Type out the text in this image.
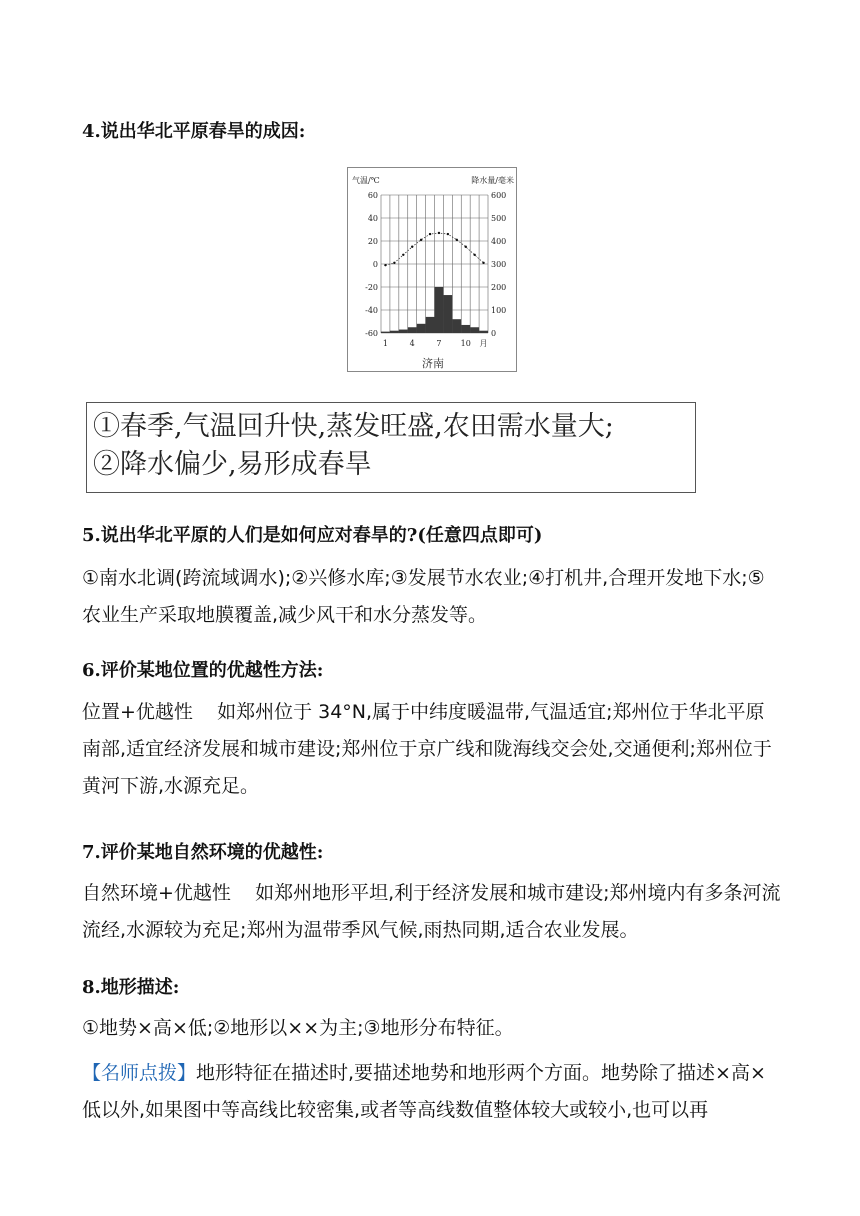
4.说出华北平原春旱的成因:
60
40
20
0
-20
-40
-60
600
500
400
300
200
100
0
气温/℃	降水量/毫米
1	4	7 10 月
济南
①春季,气温回升快,蒸发旺盛,农田需水量大;
②降水偏少,易形成春旱
5.说出华北平原的人们是如何应对春旱的?(任意四点即可)
①南水北调(跨流域调水);②兴修水库;③发展节水农业;④打机井,合理开发地下水;⑤农业生产采取地膜覆盖,减少风干和水分蒸发等。
6.评价某地位置的优越性方法:
位置+优越性    如郑州位于 34°N,属于中纬度暖温带,气温适宜;郑州位于华北平原南部,适宜经济发展和城市建设;郑州位于京广线和陇海线交会处,交通便利;郑州位于黄河下游,水源充足。
7.评价某地自然环境的优越性:
自然环境+优越性    如郑州地形平坦,利于经济发展和城市建设;郑州境内有多条河流流经,水源较为充足;郑州为温带季风气候,雨热同期,适合农业发展。
8.地形描述:
①地势×高×低;②地形以××为主;③地形分布特征。
【名师点拨】地形特征在描述时,要描述地势和地形两个方面。地势除了描述×高×低以外,如果图中等高线比较密集,或者等高线数值整体较大或较小,也可以再
